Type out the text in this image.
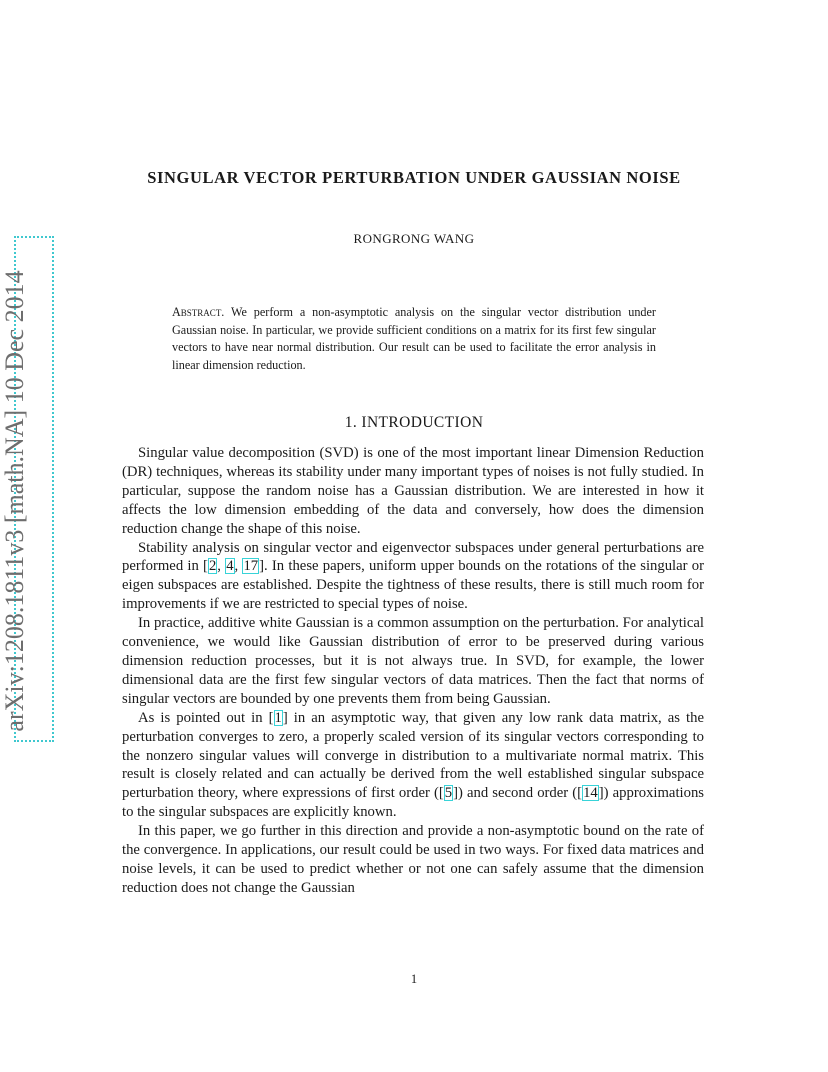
arXiv:1208.1811v3 [math.NA] 10 Dec 2014
SINGULAR VECTOR PERTURBATION UNDER GAUSSIAN NOISE
RONGRONG WANG
Abstract. We perform a non-asymptotic analysis on the singular vector distribution under Gaussian noise. In particular, we provide sufficient conditions on a matrix for its first few singular vectors to have near normal distribution. Our result can be used to facilitate the error analysis in linear dimension reduction.
1. INTRODUCTION

Singular value decomposition (SVD) is one of the most important linear Dimension Reduction (DR) techniques, whereas its stability under many important types of noises is not fully studied. In particular, suppose the random noise has a Gaussian distribution. We are interested in how it affects the low dimension embedding of the data and conversely, how does the dimension reduction change the shape of this noise.

Stability analysis on singular vector and eigenvector subspaces under general perturbations are performed in [2, 4, 17]. In these papers, uniform upper bounds on the rotations of the singular or eigen subspaces are established. Despite the tightness of these results, there is still much room for improvements if we are restricted to special types of noise.

In practice, additive white Gaussian is a common assumption on the perturbation. For analytical convenience, we would like Gaussian distribution of error to be preserved during various dimension reduction processes, but it is not always true. In SVD, for example, the lower dimensional data are the first few singular vectors of data matrices. Then the fact that norms of singular vectors are bounded by one prevents them from being Gaussian.

As is pointed out in [1] in an asymptotic way, that given any low rank data matrix, as the perturbation converges to zero, a properly scaled version of its singular vectors corresponding to the nonzero singular values will converge in distribution to a multivariate normal matrix. This result is closely related and can actually be derived from the well established singular subspace perturbation theory, where expressions of first order ([5]) and second order ([14]) approximations to the singular subspaces are explicitly known.

In this paper, we go further in this direction and provide a non-asymptotic bound on the rate of the convergence. In applications, our result could be used in two ways. For fixed data matrices and noise levels, it can be used to predict whether or not one can safely assume that the dimension reduction does not change the Gaussian

1
